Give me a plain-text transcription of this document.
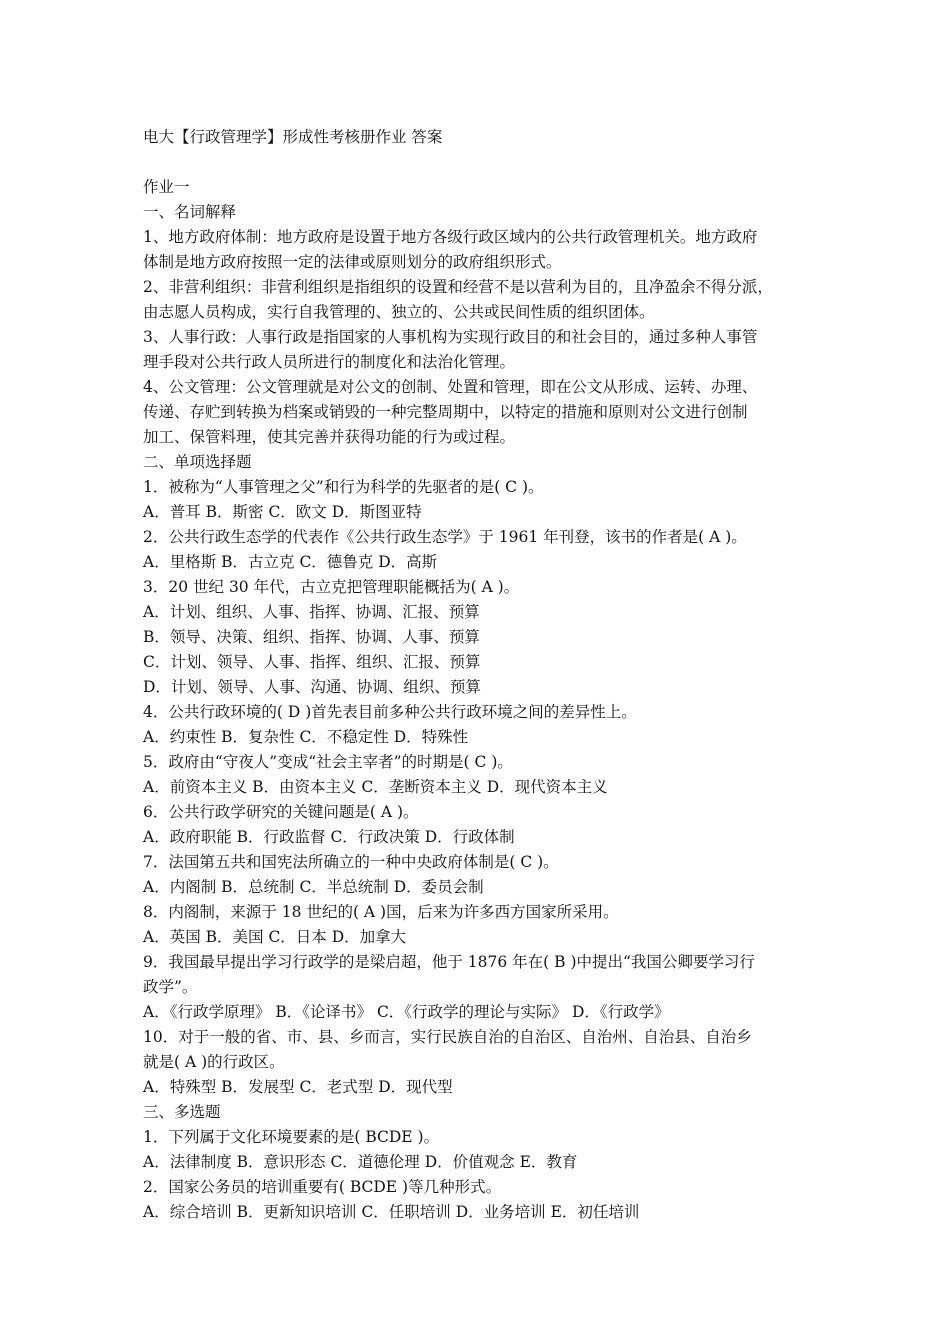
电大【行政管理学】形成性考核册作业 答案
作业一
一、名词解释
1、地方政府体制：地方政府是设置于地方各级行政区域内的公共行政管理机关。地方政府
体制是地方政府按照一定的法律或原则划分的政府组织形式。
2、非营利组织：非营利组织是指组织的设置和经营不是以营利为目的，且净盈余不得分派，
由志愿人员构成，实行自我管理的、独立的、公共或民间性质的组织团体。
3、人事行政：人事行政是指国家的人事机构为实现行政目的和社会目的，通过多种人事管
理手段对公共行政人员所进行的制度化和法治化管理。
4、公文管理：公文管理就是对公文的创制、处置和管理，即在公文从形成、运转、办理、
传递、存贮到转换为档案或销毁的一种完整周期中，以特定的措施和原则对公文进行创制
加工、保管料理，使其完善并获得功能的行为或过程。
二、单项选择题
1．被称为“人事管理之父”和行为科学的先驱者的是( C )。
A．普耳 B．斯密 C．欧文 D．斯图亚特
2．公共行政生态学的代表作《公共行政生态学》于 1961 年刊登，该书的作者是( A )。
A．里格斯 B．古立克 C．德鲁克 D．高斯
3．20 世纪 30 年代，古立克把管理职能概括为( A )。
A．计划、组织、人事、指挥、协调、汇报、预算
B．领导、决策、组织、指挥、协调、人事、预算
C．计划、领导、人事、指挥、组织、汇报、预算
D．计划、领导、人事、沟通、协调、组织、预算
4．公共行政环境的( D )首先表目前多种公共行政环境之间的差异性上。
A．约束性 B．复杂性 C．不稳定性 D．特殊性
5．政府由“守夜人”变成“社会主宰者”的时期是( C )。
A．前资本主义 B．由资本主义 C．垄断资本主义 D．现代资本主义
6．公共行政学研究的关键问题是( A )。
A．政府职能 B．行政监督 C．行政决策 D．行政体制
7．法国第五共和国宪法所确立的一种中央政府体制是( C )。
A．内阁制 B．总统制 C．半总统制 D．委员会制
8．内阁制，来源于 18 世纪的( A )国，后来为许多西方国家所采用。
A．英国 B．美国 C．日本 D．加拿大
9．我国最早提出学习行政学的是梁启超，他于 1876 年在( B )中提出“我国公卿要学习行
政学”。
A．《行政学原理》 B．《论译书》 C．《行政学的理论与实际》 D．《行政学》
10．对于一般的省、市、县、乡而言，实行民族自治的自治区、自治州、自治县、自治乡
就是( A )的行政区。
A．特殊型 B．发展型 C．老式型 D．现代型
三、多选题
1．下列属于文化环境要素的是( BCDE )。
A．法律制度 B．意识形态 C．道德伦理 D．价值观念 E．教育
2．国家公务员的培训重要有( BCDE )等几种形式。
A．综合培训 B．更新知识培训 C．任职培训 D．业务培训 E．初任培训
